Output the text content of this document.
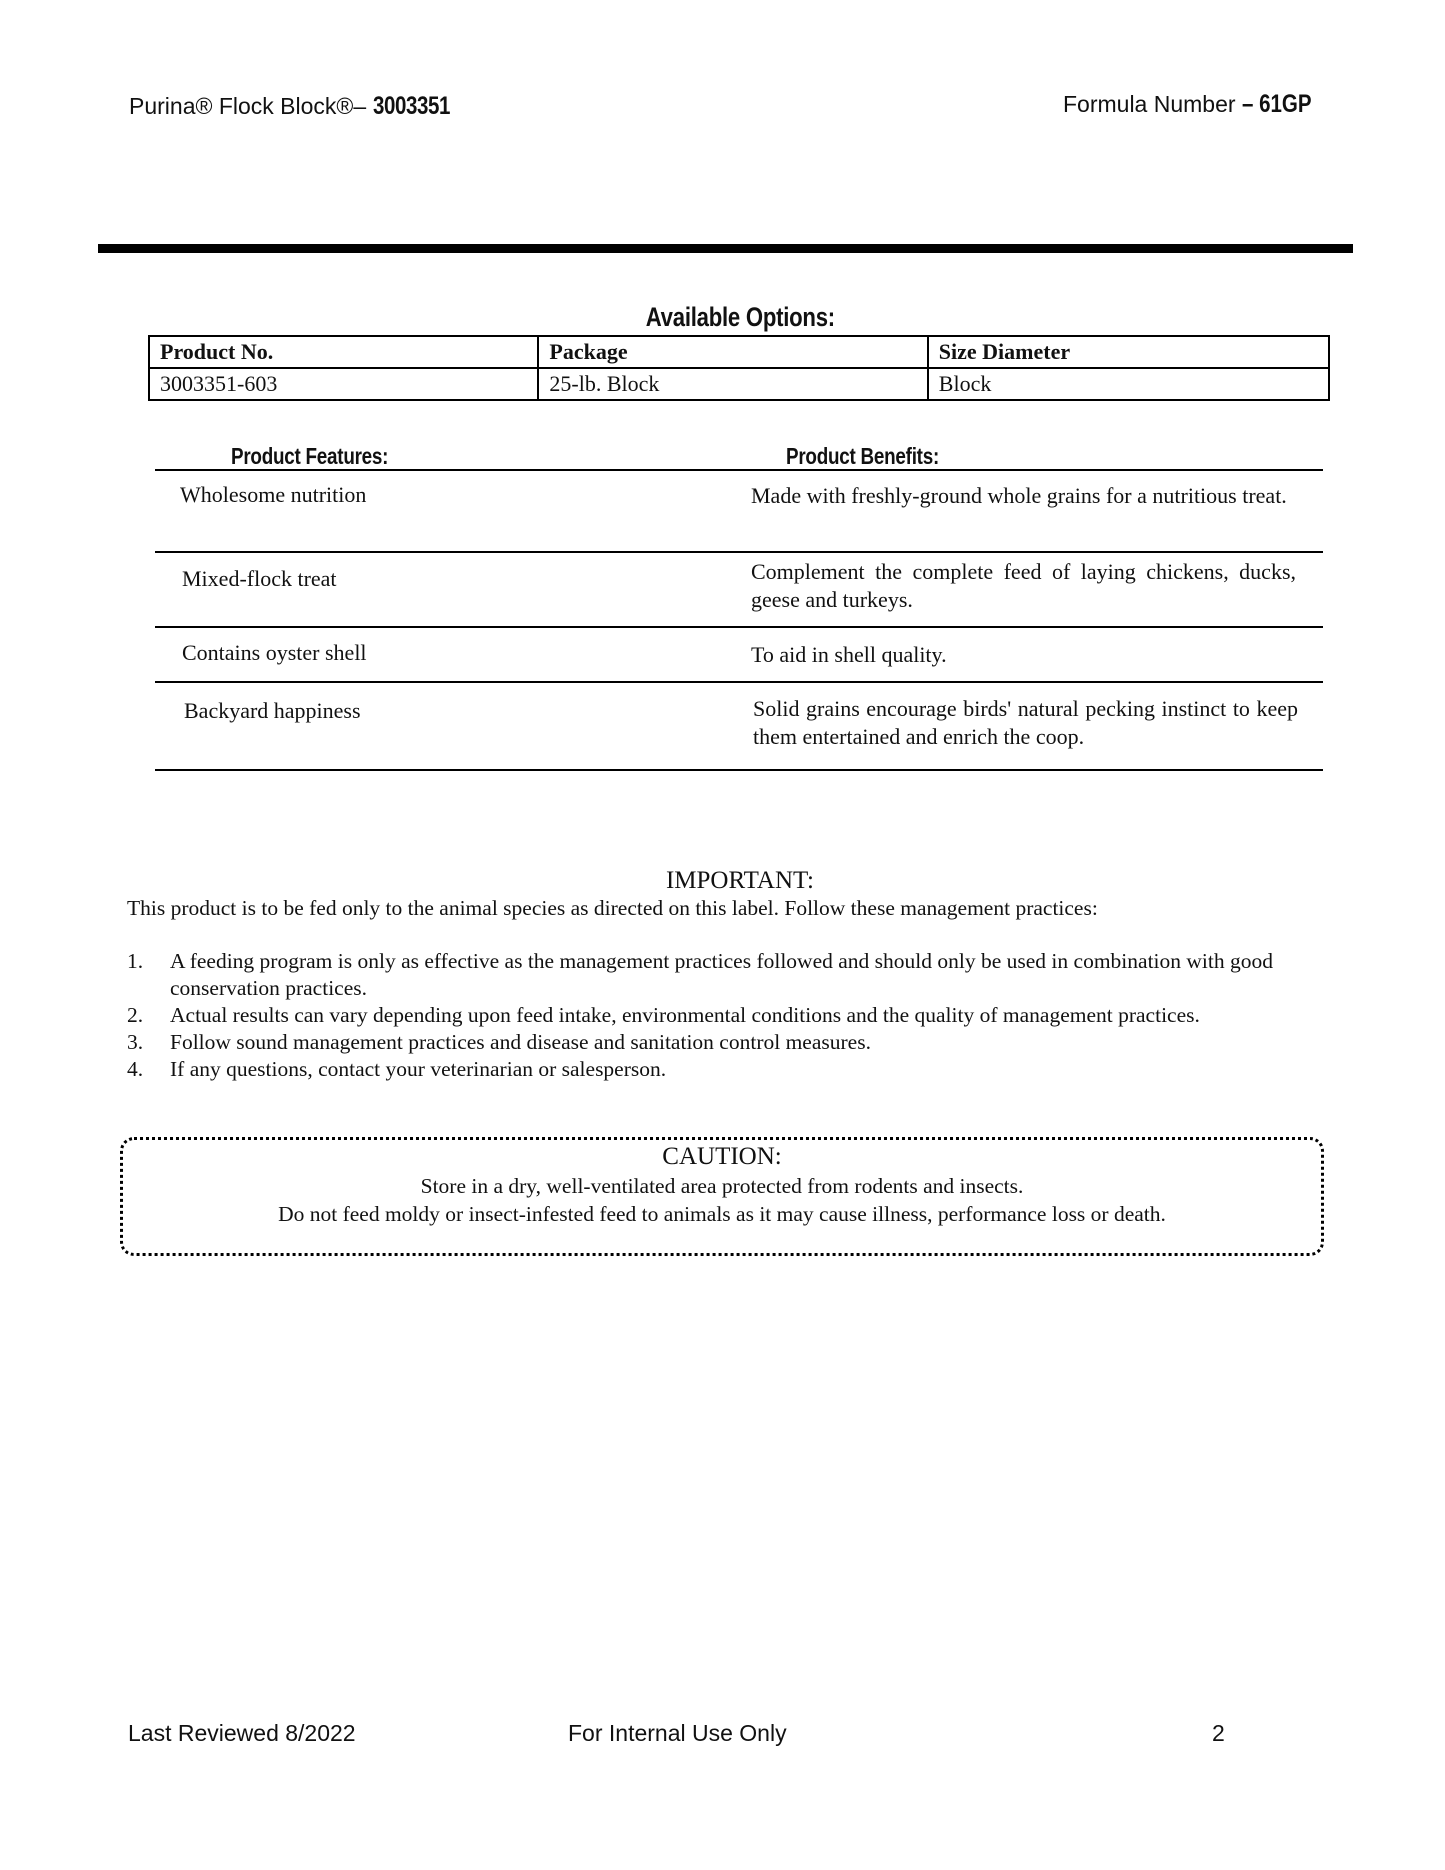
Purina® Flock Block®– 3003351	Formula Number – 61GP
Available Options:
Product No.	Package	Size Diameter
3003351-603	25-lb. Block	Block
Product Features:	Product Benefits:
Wholesome nutrition	Made with freshly-ground whole grains for a nutritious treat.
Mixed-flock treat	Complement the complete feed of laying chickens, ducks, geese and turkeys.
Contains oyster shell	To aid in shell quality.
Backyard happiness	Solid grains encourage birds' natural pecking instinct to keep them entertained and enrich the coop.
IMPORTANT:
This product is to be fed only to the animal species as directed on this label. Follow these management practices:
1.	A feeding program is only as effective as the management practices followed and should only be used in combination with good conservation practices.
2.	Actual results can vary depending upon feed intake, environmental conditions and the quality of management practices.
3.	Follow sound management practices and disease and sanitation control measures.
4.	If any questions, contact your veterinarian or salesperson.
CAUTION:
Store in a dry, well-ventilated area protected from rodents and insects.
Do not feed moldy or insect-infested feed to animals as it may cause illness, performance loss or death.
Last Reviewed 8/2022	For Internal Use Only	2
